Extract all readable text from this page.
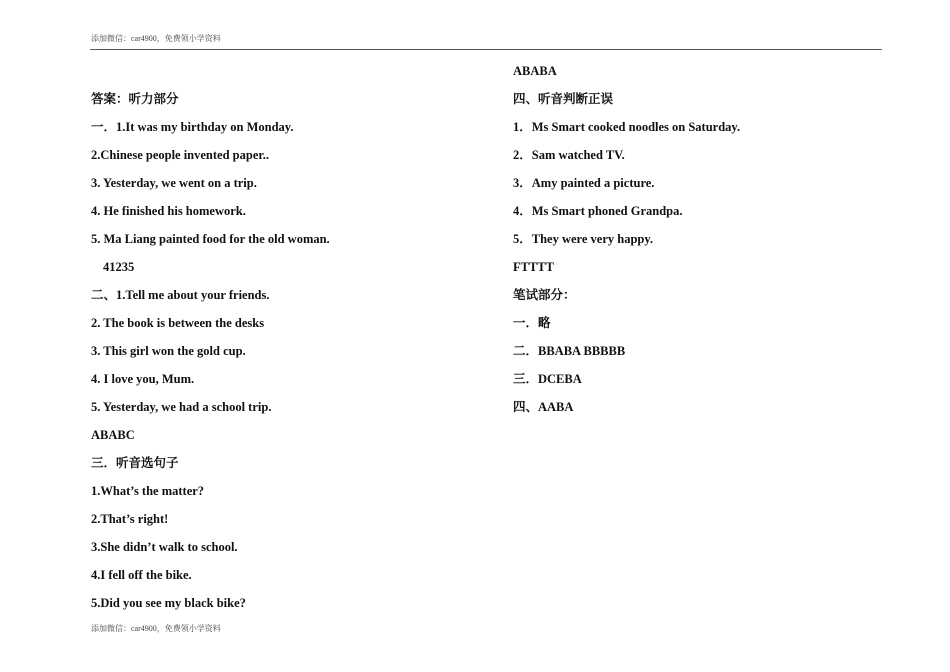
添加微信：car4900，免费领小学资料
答案：听力部分
一．1.It was my birthday on Monday.
2.Chinese people invented paper..
3. Yesterday, we went on a trip.
4. He finished his homework.
5. Ma Liang painted food for the old woman.
41235
二、1.Tell me about your friends.
2. The book is between the desks
3. This girl won the gold cup.
4. I love you, Mum.
5. Yesterday, we had a school trip.
ABABC
三．听音选句子
1.What’s the matter?
2.That’s right!
3.She didn’t walk to school.
4.I fell off the bike.
5.Did you see my black bike?
ABABA
四、听音判断正误
1．Ms Smart cooked noodles on Saturday.
2．Sam watched TV.
3．Amy painted a picture.
4．Ms Smart phoned Grandpa.
5．They were very happy.
FTTTT
笔试部分：
一．略
二．BBABA BBBBB
三．DCEBA
四、AABA
添加微信：car4900，免费领小学资料
